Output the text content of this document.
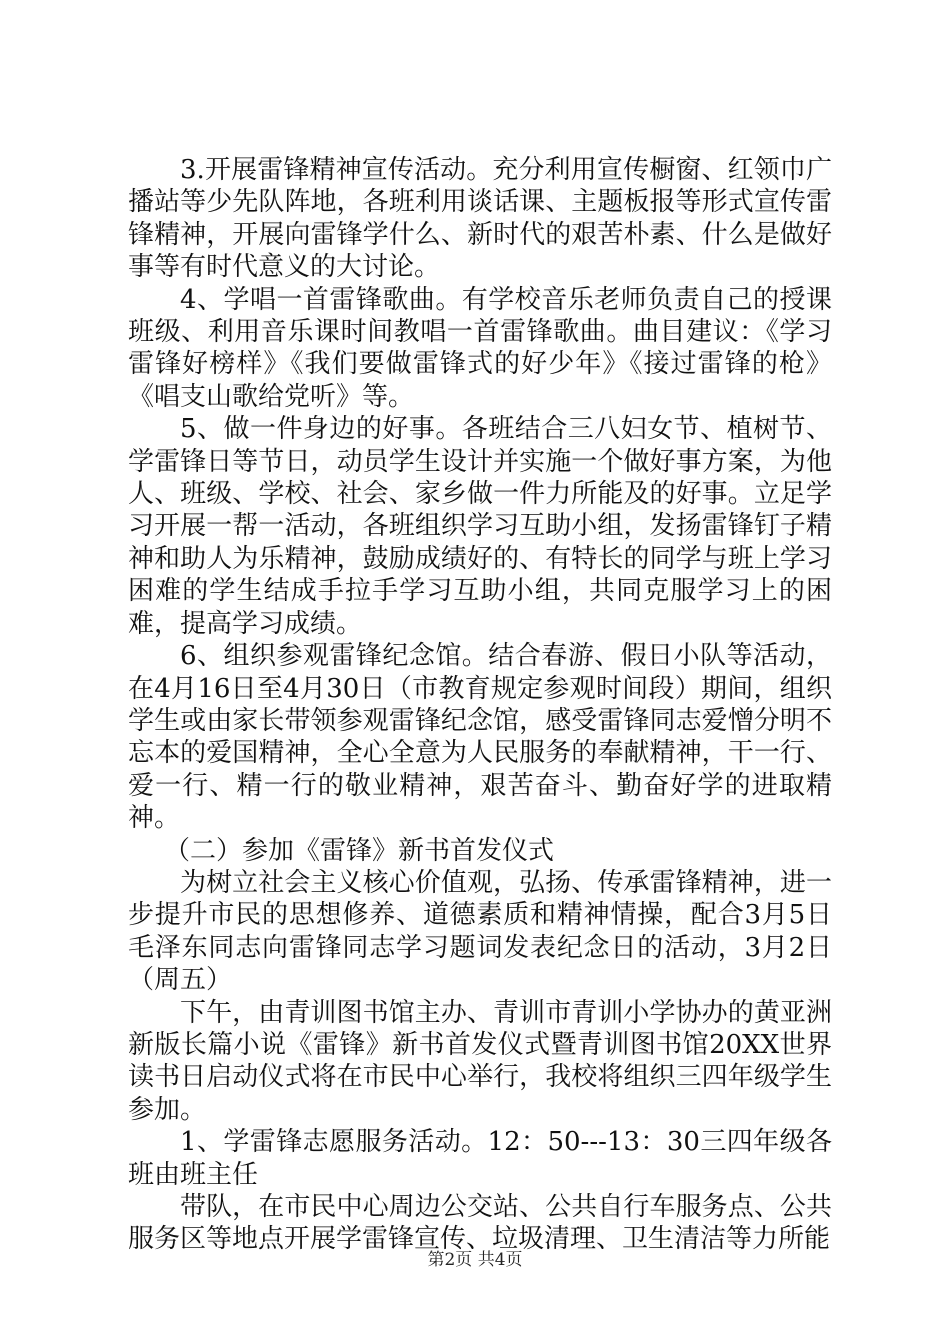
3.开展雷锋精神宣传活动。充分利用宣传橱窗、红领巾广播站等少先队阵地，各班利用谈话课、主题板报等形式宣传雷锋精神，开展向雷锋学什么、新时代的艰苦朴素、什么是做好事等有时代意义的大讨论。

4、学唱一首雷锋歌曲。有学校音乐老师负责自己的授课班级、利用音乐课时间教唱一首雷锋歌曲。曲目建议：《学习雷锋好榜样》《我们要做雷锋式的好少年》《接过雷锋的枪》《唱支山歌给党听》等。

5、做一件身边的好事。各班结合三八妇女节、植树节、学雷锋日等节日，动员学生设计并实施一个做好事方案，为他人、班级、学校、社会、家乡做一件力所能及的好事。立足学习开展一帮一活动，各班组织学习互助小组，发扬雷锋钉子精神和助人为乐精神，鼓励成绩好的、有特长的同学与班上学习困难的学生结成手拉手学习互助小组，共同克服学习上的困难，提高学习成绩。

6、组织参观雷锋纪念馆。结合春游、假日小队等活动，在4月16日至4月30日（市教育规定参观时间段）期间，组织学生或由家长带领参观雷锋纪念馆，感受雷锋同志爱憎分明不忘本的爱国精神，全心全意为人民服务的奉献精神，干一行、爱一行、精一行的敬业精神，艰苦奋斗、勤奋好学的进取精神。

（二）参加《雷锋》新书首发仪式

为树立社会主义核心价值观，弘扬、传承雷锋精神，进一步提升市民的思想修养、道德素质和精神情操，配合3月5日毛泽东同志向雷锋同志学习题词发表纪念日的活动，3月2日（周五）

下午，由青训图书馆主办、青训市青训小学协办的黄亚洲新版长篇小说《雷锋》新书首发仪式暨青训图书馆20XX世界读书日启动仪式将在市民中心举行，我校将组织三四年级学生参加。

1、学雷锋志愿服务活动。12：50---13：30三四年级各班由班主任

带队，在市民中心周边公交站、公共自行车服务点、公共服务区等地点开展学雷锋宣传、垃圾清理、卫生清洁等力所能

第2页 共4页
